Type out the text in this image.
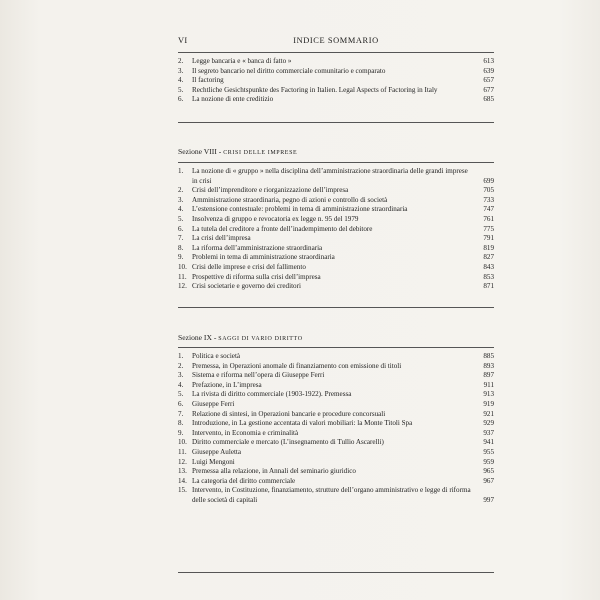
VI	INDICE SOMMARIO
2.	Legge bancaria e « banca di fatto »	613
3.	Il segreto bancario nel diritto commerciale comunitario e comparato	639
4.	Il factoring	657
5.	Rechtliche Gesichtspunkte des Factoring in Italien. Legal Aspects of Factoring in Italy	677
6.	La nozione di ente creditizio	685
Sezione VIII - CRISI DELLE IMPRESE
1.	La nozione di « gruppo » nella disciplina dell’amministrazione straordinaria delle grandi imprese in crisi	699
2.	Crisi dell’imprenditore e riorganizzazione dell’impresa	705
3.	Amministrazione straordinaria, pegno di azioni e controllo di società	733
4.	L’estensione contestuale: problemi in tema di amministrazione straordinaria	747
5.	Insolvenza di gruppo e revocatoria ex legge n. 95 del 1979	761
6.	La tutela del creditore a fronte dell’inadempimento del debitore	775
7.	La crisi dell’impresa	791
8.	La riforma dell’amministrazione straordinaria	819
9.	Problemi in tema di amministrazione straordinaria	827
10. Crisi delle imprese e crisi del fallimento	843
11. Prospettive di riforma sulla crisi dell’impresa	853
12. Crisi societarie e governo dei creditori	871
Sezione IX - SAGGI DI VARIO DIRITTO
1.	Politica e società	885
2.	Premessa, in Operazioni anomale di finanziamento con emissione di titoli	893
3.	Sistema e riforma nell’opera di Giuseppe Ferri	897
4.	Prefazione, in L’impresa	911
5.	La rivista di diritto commerciale (1903-1922). Premessa	913
6.	Giuseppe Ferri	919
7.	Relazione di sintesi, in Operazioni bancarie e procedure concorsuali	921
8.	Introduzione, in La gestione accentata di valori mobiliari: la Monte Titoli Spa	929
9.	Intervento, in Economia e criminalità	937
10. Diritto commerciale e mercato (L’insegnamento di Tullio Ascarelli)	941
11. Giuseppe Auletta	955
12. Luigi Mengoni	959
13. Premessa alla relazione, in Annali del seminario giuridico	965
14. La categoria del diritto commerciale	967
15. Intervento, in Costituzione, finanziamento, strutture dell’organo amministrativo e legge di riforma delle società di capitali	997
